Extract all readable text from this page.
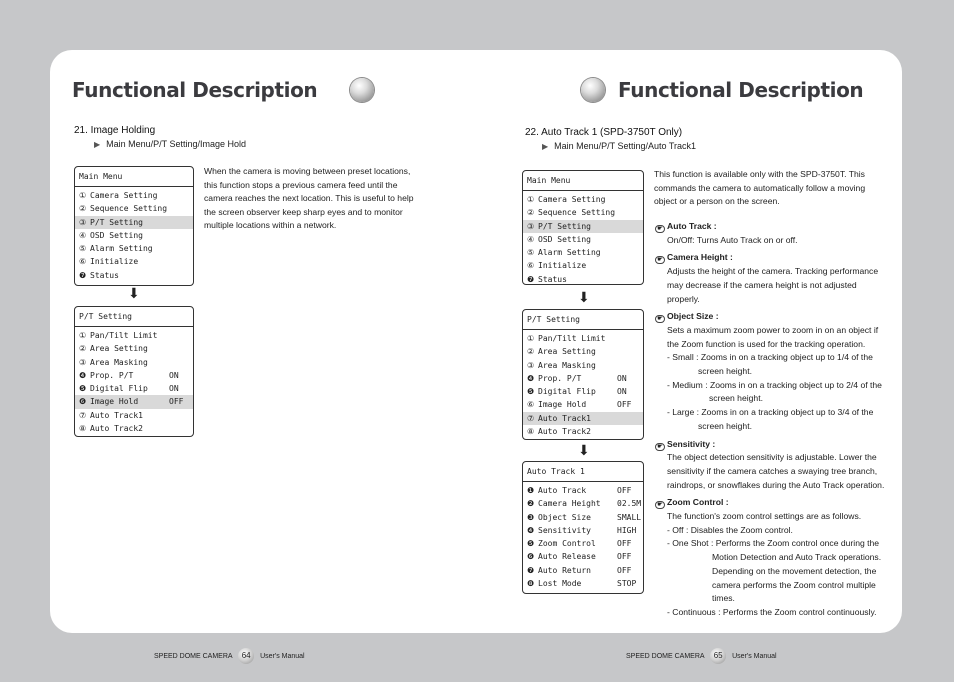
Functional Description
21. Image Holding
▶ Main Menu/P/T Setting/Image Hold
Main Menu
① Camera Setting
② Sequence Setting
③ P/T Setting
④ OSD Setting
⑤ Alarm Setting
⑥ Initialize
❼ Status
⬇
P/T Setting
① Pan/Tilt Limit
② Area Setting
③ Area Masking
❹ Prop. P/T	ON
❺ Digital Flip	ON
❻ Image Hold	OFF
⑦ Auto Track1
⑧ Auto Track2
When the camera is moving between preset locations, this function stops a previous camera feed until the camera reaches the next location. This is useful to help the screen observer keep sharp eyes and to monitor multiple locations within a network.
SPEED DOME CAMERA 64 User's Manual
Functional Description
22. Auto Track 1 (SPD-3750T Only)
▶ Main Menu/P/T Setting/Auto Track1
Main Menu
① Camera Setting
② Sequence Setting
③ P/T Setting
④ OSD Setting
⑤ Alarm Setting
⑥ Initialize
❼ Status
⬇
P/T Setting
① Pan/Tilt Limit
② Area Setting
③ Area Masking
❹ Prop. P/T	ON
❺ Digital Flip	ON
⑥ Image Hold	OFF
⑦ Auto Track1
⑧ Auto Track2
⬇
Auto Track 1
❶ Auto Track	OFF
❷ Camera Height 02.5M
❸ Object Size	SMALL
❹ Sensitivity	HIGH
❺ Zoom Control	OFF
❻ Auto Release	OFF
❼ Auto Return	OFF
❽ Lost Mode	STOP
This function is available only with the SPD-3750T. This commands the camera to automatically follow a moving object or a person on the screen.
☛ Auto Track :
On/Off: Turns Auto Track on or off.
☛ Camera Height :
Adjusts the height of the camera. Tracking performance may decrease if the camera height is not adjusted properly.
☛ Object Size :
Sets a maximum zoom power to zoom in on an object if the Zoom function is used for the tracking operation.
- Small : Zooms in on a tracking object up to 1/4 of the
screen height.
- Medium : Zooms in on a tracking object up to 2/4 of the
screen height.
- Large : Zooms in on a tracking object up to 3/4 of the
screen height.
☛ Sensitivity :
The object detection sensitivity is adjustable. Lower the sensitivity if the camera catches a swaying tree branch, raindrops, or snowflakes during the Auto Track operation.
☛ Zoom Control :
The function's zoom control settings are as follows.
- Off : Disables the Zoom control.
- One Shot : Performs the Zoom control once during the
Motion Detection and Auto Track operations. Depending on the movement detection, the camera performs the Zoom control multiple times.
- Continuous : Performs the Zoom control continuously.
SPEED DOME CAMERA 65 User's Manual
